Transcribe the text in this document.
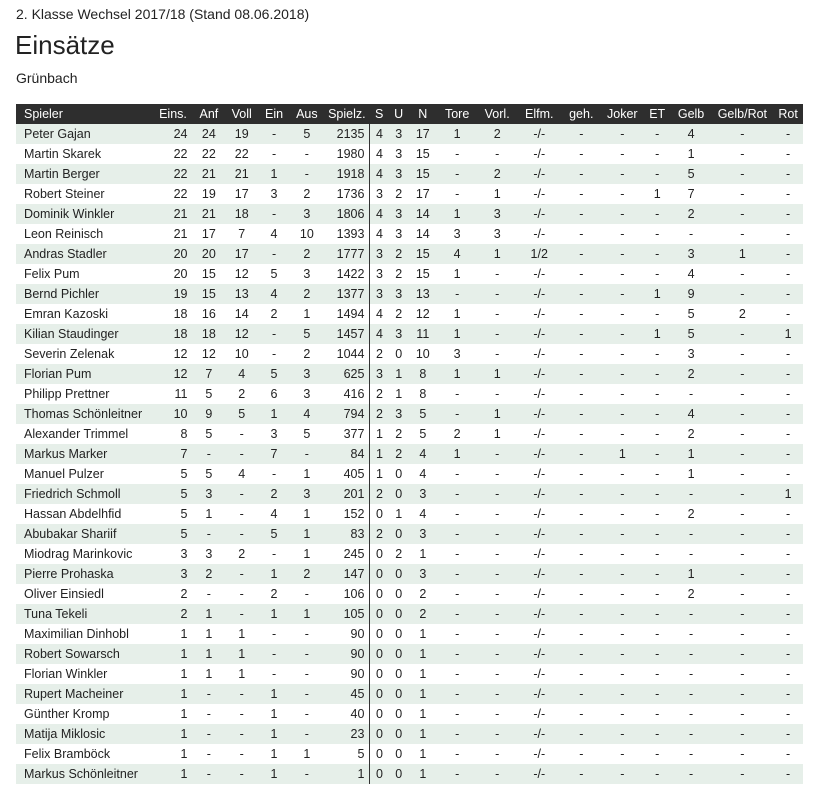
2. Klasse Wechsel 2017/18 (Stand 08.06.2018)
Einsätze
Grünbach
Spieler	Eins.	Anf	Voll	Ein	Aus	Spielz.	S	U	N	Tore	Vorl.	Elfm.	geh.	Joker	ET	Gelb	Gelb/Rot	Rot
Peter Gajan	24	24	19	-	5	2135	4	3	17	1	2	-/-	-	-	-	4	-	-
Martin Skarek	22	22	22	-	-	1980	4	3	15	-	-	-/-	-	-	-	1	-	-
Martin Berger	22	21	21	1	-	1918	4	3	15	-	2	-/-	-	-	-	5	-	-
Robert Steiner	22	19	17	3	2	1736	3	2	17	-	1	-/-	-	-	1	7	-	-
Dominik Winkler	21	21	18	-	3	1806	4	3	14	1	3	-/-	-	-	-	2	-	-
Leon Reinisch	21	17	7	4	10	1393	4	3	14	3	3	-/-	-	-	-	-	-	-
Andras Stadler	20	20	17	-	2	1777	3	2	15	4	1	1/2	-	-	-	3	1	-
Felix Pum	20	15	12	5	3	1422	3	2	15	1	-	-/-	-	-	-	4	-	-
Bernd Pichler	19	15	13	4	2	1377	3	3	13	-	-	-/-	-	-	1	9	-	-
Emran Kazoski	18	16	14	2	1	1494	4	2	12	1	-	-/-	-	-	-	5	2	-
Kilian Staudinger	18	18	12	-	5	1457	4	3	11	1	-	-/-	-	-	1	5	-	1
Severin Zelenak	12	12	10	-	2	1044	2	0	10	3	-	-/-	-	-	-	3	-	-
Florian Pum	12	7	4	5	3	625	3	1	8	1	1	-/-	-	-	-	2	-	-
Philipp Prettner	11	5	2	6	3	416	2	1	8	-	-	-/-	-	-	-	-	-	-
Thomas Schönleitner	10	9	5	1	4	794	2	3	5	-	1	-/-	-	-	-	4	-	-
Alexander Trimmel	8	5	-	3	5	377	1	2	5	2	1	-/-	-	-	-	2	-	-
Markus Marker	7	-	-	7	-	84	1	2	4	1	-	-/-	-	1	-	1	-	-
Manuel Pulzer	5	5	4	-	1	405	1	0	4	-	-	-/-	-	-	-	1	-	-
Friedrich Schmoll	5	3	-	2	3	201	2	0	3	-	-	-/-	-	-	-	-	-	1
Hassan Abdelhfid	5	1	-	4	1	152	0	1	4	-	-	-/-	-	-	-	2	-	-
Abubakar Shariif	5	-	-	5	1	83	2	0	3	-	-	-/-	-	-	-	-	-	-
Miodrag Marinkovic	3	3	2	-	1	245	0	2	1	-	-	-/-	-	-	-	-	-	-
Pierre Prohaska	3	2	-	1	2	147	0	0	3	-	-	-/-	-	-	-	1	-	-
Oliver Einsiedl	2	-	-	2	-	106	0	0	2	-	-	-/-	-	-	-	2	-	-
Tuna Tekeli	2	1	-	1	1	105	0	0	2	-	-	-/-	-	-	-	-	-	-
Maximilian Dinhobl	1	1	1	-	-	90	0	0	1	-	-	-/-	-	-	-	-	-	-
Robert Sowarsch	1	1	1	-	-	90	0	0	1	-	-	-/-	-	-	-	-	-	-
Florian Winkler	1	1	1	-	-	90	0	0	1	-	-	-/-	-	-	-	-	-	-
Rupert Macheiner	1	-	-	1	-	45	0	0	1	-	-	-/-	-	-	-	-	-	-
Günther Kromp	1	-	-	1	-	40	0	0	1	-	-	-/-	-	-	-	-	-	-
Matija Miklosic	1	-	-	1	-	23	0	0	1	-	-	-/-	-	-	-	-	-	-
Felix Bramböck	1	-	-	1	1	5	0	0	1	-	-	-/-	-	-	-	-	-	-
Markus Schönleitner	1	-	-	1	-	1	0	0	1	-	-	-/-	-	-	-	-	-	-
